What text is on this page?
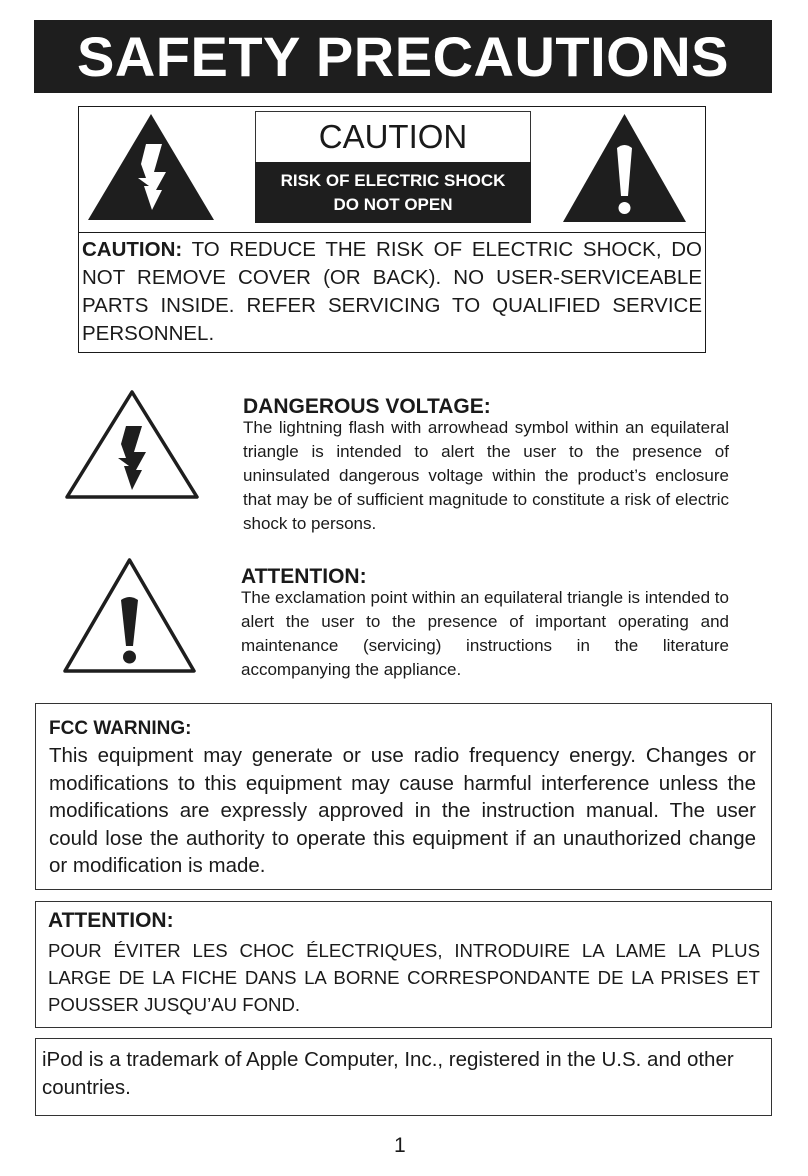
SAFETY PRECAUTIONS
CAUTION
RISK OF ELECTRIC SHOCK
DO NOT OPEN
CAUTION: TO REDUCE THE RISK OF ELECTRIC SHOCK, DO NOT REMOVE COVER (OR BACK). NO USER-SERVICEABLE PARTS INSIDE. REFER SERVICING TO QUALIFIED SERVICE PERSONNEL.
DANGEROUS VOLTAGE:
The lightning flash with arrowhead symbol within an equilateral triangle is intended to alert the user to the presence of uninsulated dangerous voltage within the product’s enclosure that may be of sufficient magnitude to constitute a risk of electric shock to persons.
ATTENTION:
The exclamation point within an equilateral triangle is intended to alert the user to the presence of important operating and maintenance (servicing) instructions in the literature accompanying the appliance.
FCC WARNING:
This equipment may generate or use radio frequency energy. Changes or modifications to this equipment may cause harmful interference unless the modifications are expressly approved in the instruction manual. The user could lose the authority to operate this equipment if an unauthorized change or modification is made.
ATTENTION:
POUR ÉVITER LES CHOC ÉLECTRIQUES, INTRODUIRE LA LAME LA PLUS LARGE DE LA FICHE DANS LA BORNE CORRESPONDANTE DE LA PRISES ET POUSSER JUSQU’AU FOND.
iPod is a trademark of Apple Computer, Inc., registered in the U.S. and other countries.
1
